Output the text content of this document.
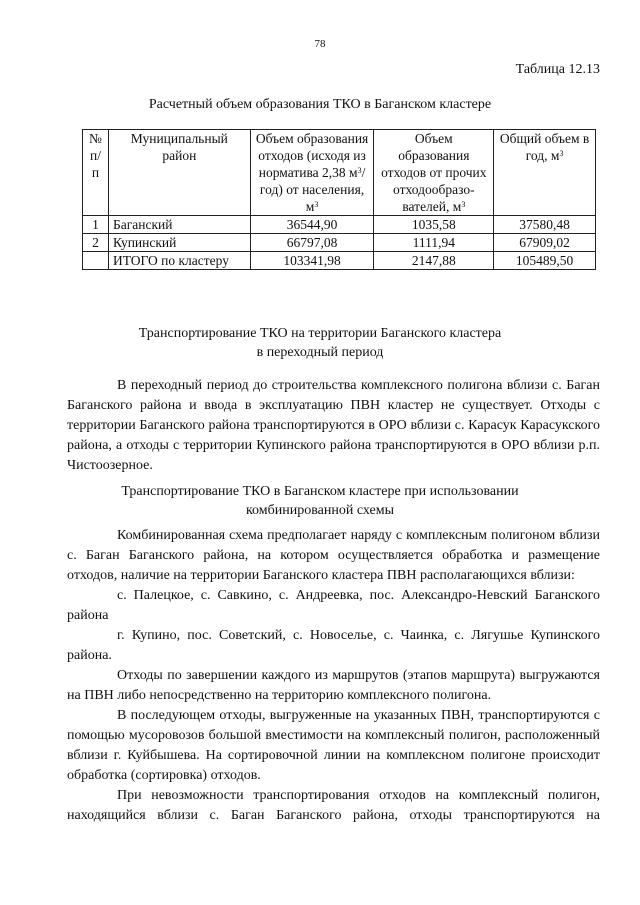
78
Таблица 12.13
Расчетный объем образования ТКО в Баганском кластере
№ п/п	Муниципальный район	Объем образования отходов (исходя из норматива 2,38 $м^3/год$) от населения, $м^3$	Объем образования отходов от прочих отходообразо-вателей, $м^3$	Общий объем в год, $м^3$
1	Баганский	36544,90	1035,58	37580,48
2	Купинский	66797,08	1111,94	67909,02
	ИТОГО по кластеру	103341,98	2147,88	105489,50
Транспортирование ТКО на территории Баганского кластера
в переходный период

В переходный период до строительства комплексного полигона вблизи с. Баган Баганского района и ввода в эксплуатацию ПВН кластер не существует. Отходы с территории Баганского района транспортируются в ОРО вблизи с. Карасук Карасукского района, а отходы с территории Купинского района транспортируются в ОРО вблизи р.п. Чистоозерное.

Транспортирование ТКО в Баганском кластере при использовании
комбинированной схемы

Комбинированная схема предполагает наряду с комплексным полигоном вблизи с. Баган Баганского района, на котором осуществляется обработка и размещение отходов, наличие на территории Баганского кластера ПВН располагающихся вблизи:

с. Палецкое, с. Савкино, с. Андреевка, пос. Александро-Невский Баганского района

г. Купино, пос. Советский, с. Новоселье, с. Чаинка, с. Лягушье Купинского района.

Отходы по завершении каждого из маршрутов (этапов маршрута) выгружаются на ПВН либо непосредственно на территорию комплексного полигона.

В последующем отходы, выгруженные на указанных ПВН, транспортируются с помощью мусоровозов большой вместимости на комплексный полигон, расположенный вблизи г. Куйбышева. На сортировочной линии на комплексном полигоне происходит обработка (сортировка) отходов.

При невозможности транспортирования отходов на комплексный полигон, находящийся вблизи с. Баган Баганского района, отходы транспортируются на
